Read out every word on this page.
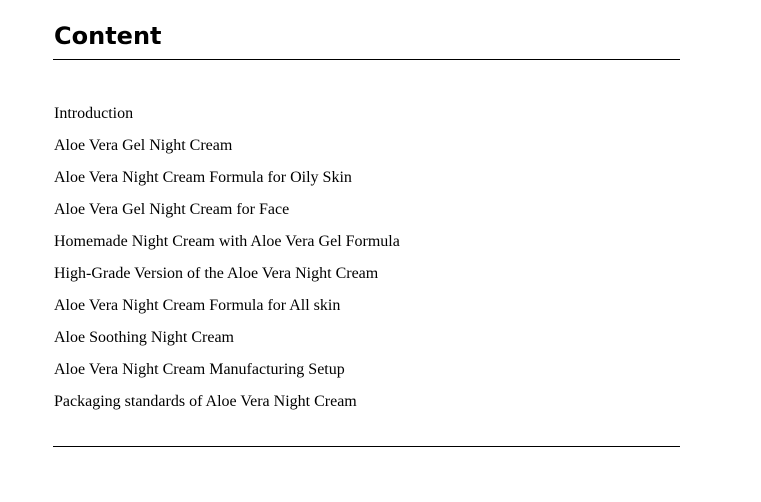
Content
Introduction
Aloe Vera Gel Night Cream
Aloe Vera Night Cream Formula for Oily Skin
Aloe Vera Gel Night Cream for Face
Homemade Night Cream with Aloe Vera Gel Formula
High-Grade Version of the Aloe Vera Night Cream
Aloe Vera Night Cream Formula for All skin
Aloe Soothing Night Cream
Aloe Vera Night Cream Manufacturing Setup
Packaging standards of Aloe Vera Night Cream
